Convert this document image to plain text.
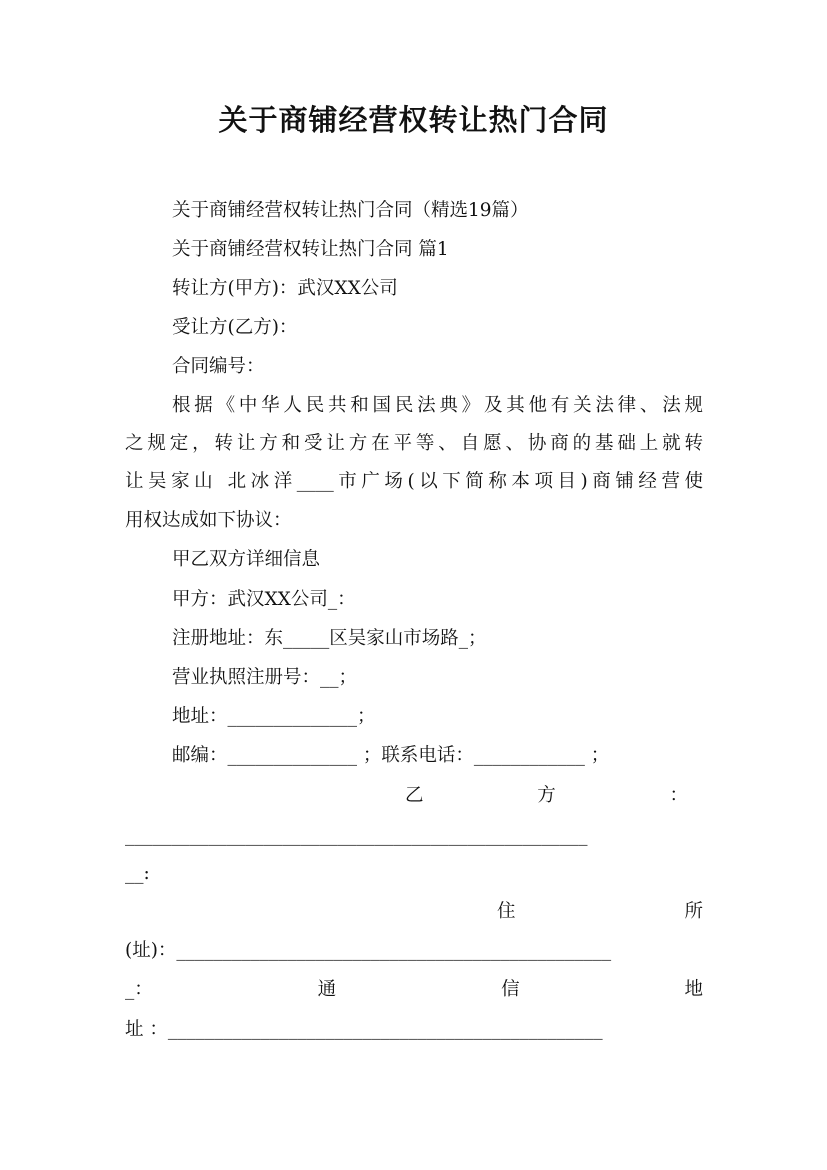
关于商铺经营权转让热门合同

关于商铺经营权转让热门合同（精选19篇）

关于商铺经营权转让热门合同 篇1

转让方(甲方)：武汉XX公司

受让方(乙方)：

合同编号：

根据《中华人民共和国民法典》及其他有关法律、法规

之规定，转让方和受让方在平等、自愿、协商的基础上就转

让吴家山 北冰洋____市广场(以下简称本项目)商铺经营使

用权达成如下协议：

甲乙双方详细信息

甲方：武汉XX公司_：

注册地址：东_____区吴家山市场路_；

营业执照注册号：__；

地址：______________；

邮编：______________ ；联系电话：____________ ；

乙	方	：

__________________________________________________

__:

住	所

(址)：_______________________________________________

_：	通	信	地

址 ：_______________________________________________
